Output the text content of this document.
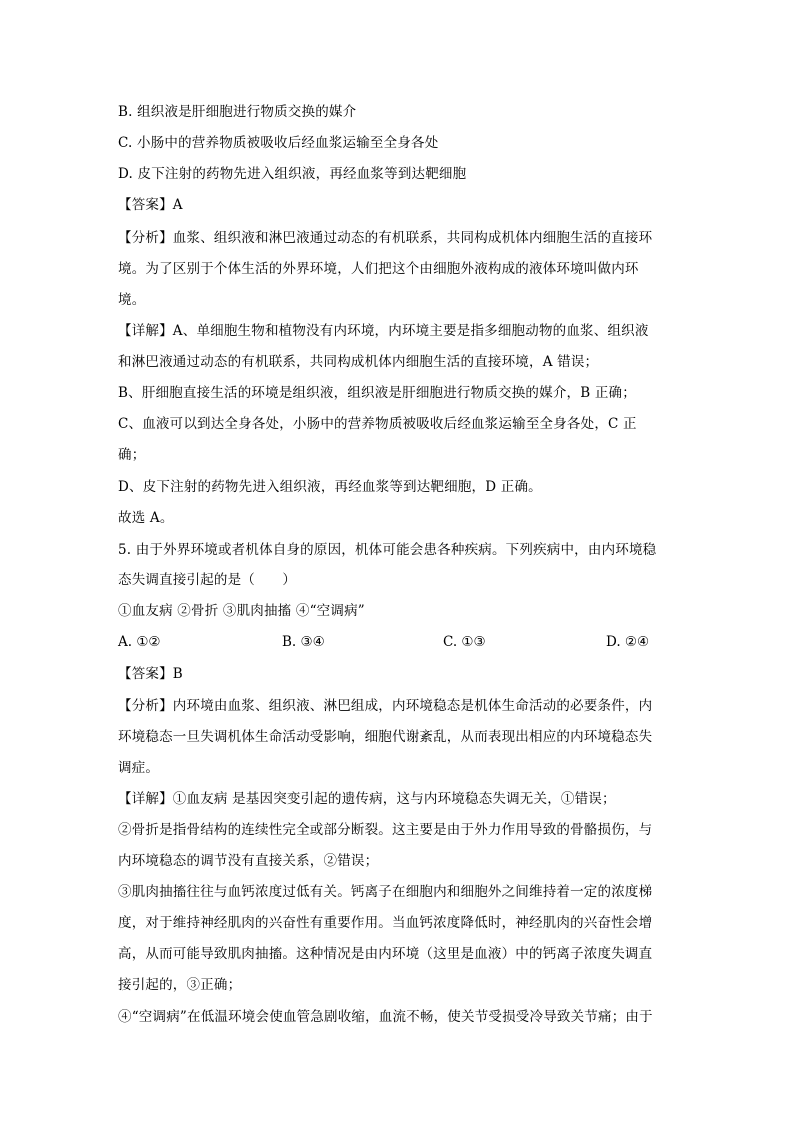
B. 组织液是肝细胞进行物质交换的媒介
C. 小肠中的营养物质被吸收后经血浆运输至全身各处
D. 皮下注射的药物先进入组织液，再经血浆等到达靶细胞
【答案】A
【分析】血浆、组织液和淋巴液通过动态的有机联系，共同构成机体内细胞生活的直接环
境。为了区别于个体生活的外界环境，人们把这个由细胞外液构成的液体环境叫做内环
境。
【详解】A、单细胞生物和植物没有内环境，内环境主要是指多细胞动物的血浆、组织液
和淋巴液通过动态的有机联系，共同构成机体内细胞生活的直接环境，A 错误；
B、肝细胞直接生活的环境是组织液，组织液是肝细胞进行物质交换的媒介，B 正确；
C、血液可以到达全身各处，小肠中的营养物质被吸收后经血浆运输至全身各处，C 正
确；
D、皮下注射的药物先进入组织液，再经血浆等到达靶细胞，D 正确。
故选 A。
5. 由于外界环境或者机体自身的原因，机体可能会患各种疾病。下列疾病中，由内环境稳
态失调直接引起的是（　　）
①血友病 ②骨折 ③肌肉抽搐 ④“空调病”
A. ①②	B. ③④	C. ①③	D. ②④
【答案】B
【分析】内环境由血浆、组织液、淋巴组成，内环境稳态是机体生命活动的必要条件，内
环境稳态一旦失调机体生命活动受影响，细胞代谢紊乱，从而表现出相应的内环境稳态失
调症。
【详解】①血友病 是基因突变引起的遗传病，这与内环境稳态失调无关，①错误；
②骨折是指骨结构的连续性完全或部分断裂。这主要是由于外力作用导致的骨骼损伤，与
内环境稳态的调节没有直接关系，②错误；
③肌肉抽搐往往与血钙浓度过低有关。钙离子在细胞内和细胞外之间维持着一定的浓度梯
度，对于维持神经肌肉的兴奋性有重要作用。当血钙浓度降低时，神经肌肉的兴奋性会增
高，从而可能导致肌肉抽搐。这种情况是由内环境（这里是血液）中的钙离子浓度失调直
接引起的，③正确；
④“空调病”在低温环境会使血管急剧收缩，血流不畅，使关节受损受冷导致关节痛；由于
